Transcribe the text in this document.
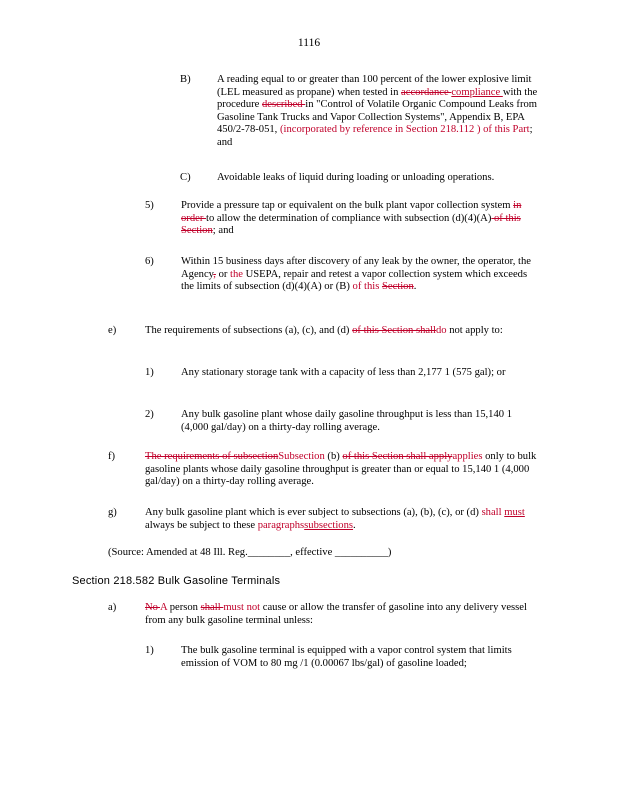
1116
B) A reading equal to or greater than 100 percent of the lower explosive limit (LEL measured as propane) when tested in accordance compliance with the procedure described in "Control of Volatile Organic Compound Leaks from Gasoline Tank Trucks and Vapor Collection Systems", Appendix B, EPA 450/2-78-051, (incorporated by reference in Section 218.112 ) of this Part; and
C) Avoidable leaks of liquid during loading or unloading operations.
5)	Provide a pressure tap or equivalent on the bulk plant vapor collection system in order to allow the determination of compliance with subsection (d)(4)(A) of this Section; and
6)	Within 15 business days after discovery of any leak by the owner, the operator, the Agency, or the USEPA, repair and retest a vapor collection system which exceeds the limits of subsection (d)(4)(A) or (B) of this Section.
e)	The requirements of subsections (a), (c), and (d) of this Section shalldo not apply to:
1)	Any stationary storage tank with a capacity of less than 2,177 1 (575 gal); or
2)	Any bulk gasoline plant whose daily gasoline throughput is less than 15,140 1 (4,000 gal/day) on a thirty-day rolling average.
f)	The requirements of subsectionSubsection (b) of this Section shall applyapplies only to bulk gasoline plants whose daily gasoline throughput is greater than or equal to 15,140 1 (4,000 gal/day) on a thirty-day rolling average.
g)	Any bulk gasoline plant which is ever subject to subsections (a), (b), (c), or (d) shall must always be subject to these paragraphssubsections.
(Source: Amended at 48 Ill. Reg.________, effective __________)
Section 218.582 Bulk Gasoline Terminals
a)	No A person shall must not cause or allow the transfer of gasoline into any delivery vessel from any bulk gasoline terminal unless:
1)	The bulk gasoline terminal is equipped with a vapor control system that limits emission of VOM to 80 mg /1 (0.00067 lbs/gal) of gasoline loaded;
